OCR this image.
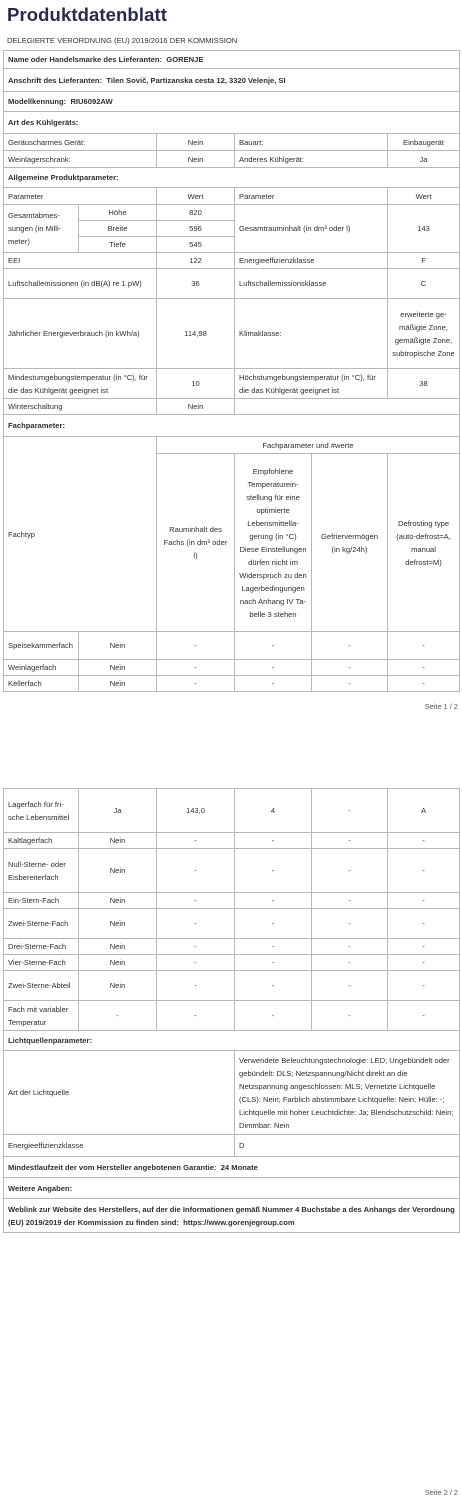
Produktdatenblatt
DELEGIERTE VERORDNUNG (EU) 2019/2016 DER KOMMISSION
Name oder Handelsmarke des Lieferanten: GORENJE					
Anschrift des Lieferanten: Tilen Sovič, Partizanska cesta 12, 3320 Velenje, SI					
Modellkennung: RIU6092AW					
Art des Kühlgeräts:					
Geräuscharmes Gerät:		Nein	Bauart:		Einbaugerät
Weinlagerschrank:		Nein	Anderes Kühlgerät:		Ja
Allgemeine Produktparameter:					
Parameter		Wert	Parameter		Wert
Gesamtabmessungen (in Millimeter)	Höhe	820	Gesamtrauminhalt (in dm³ oder l)		143
	Breite	596			
	Tiefe	545			
EEI		122	Energieeffizienzklasse		F
Luftschallemissionen (in dB(A) re 1 pW)		36	Luftschallemissionsklasse		C
Jährlicher Energieverbrauch (in kWh/a)		114,98	Klimaklasse:		erweiterte gemäßigte Zone, gemäßigte Zone, subtropische Zone
Mindestumgebungstemperatur (in °C), für die das Kühlgerät geeignet ist		10	Höchstumgebungstemperatur (in °C), für die das Kühlgerät geeignet ist		38
Winterschaltung		Nein			
Fachparameter:					
Fachtyp		Fachparameter und #werte			
		Rauminhalt des Fachs (in dm³ oder l)	Empfohlene Temperatureinstellung für eine optimierte Lebensmittellagerung (in °C) Diese Einstellungen dürfen nicht im Widerspruch zu den Lagerbedingungen nach Anhang IV Tabelle 3 stehen	Gefriervermögen (in kg/24h)	Defrosting type (auto-defrost=A, manual defrost=M)
Speisekammerfach	Nein	-	-	-	-
Weinlagerfach	Nein	-	-	-	-
Kellerfach	Nein	-	-	-	-
Seite 1 / 2
Lagerfach für frische Lebensmittel	Ja	143,0	4	-	A
Kaltlagerfach	Nein	-	-	-	-
Null-Sterne- oder Eisbereiterfach	Nein	-	-	-	-
Ein-Stern-Fach	Nein	-	-	-	-
Zwei-Sterne-Fach	Nein	-	-	-	-
Drei-Sterne-Fach	Nein	-	-	-	-
Vier-Sterne-Fach	Nein	-	-	-	-
Zwei-Sterne-Abteil	Nein	-	-	-	-
Fach mit variabler Temperatur	-	-	-	-	-
Lichtquellenparameter:					
Art der Lichtquelle			Verwendete Beleuchtungstechnologie: LED; Ungebündelt oder gebündelt: DLS; Netzspannung/Nicht direkt an die Netzspannung angeschlossen: MLS; Vernetzte Lichtquelle (CLS): Nein; Farblich abstimmbare Lichtquelle: Nein; Hülle: -; Lichtquelle mit hoher Leuchtdichte: Ja; Blendschutzschild: Nein; Dimmbar: Nein		
Energieeffizienzklasse			D		
Mindestlaufzeit der vom Hersteller angebotenen Garantie: 24 Monate					
Weitere Angaben:					
Weblink zur Website des Herstellers, auf der die Informationen gemäß Nummer 4 Buchstabe a des Anhangs der Verordnung (EU) 2019/2019 der Kommission zu finden sind: https://www.gorenjegroup.com					
Seite 2 / 2
